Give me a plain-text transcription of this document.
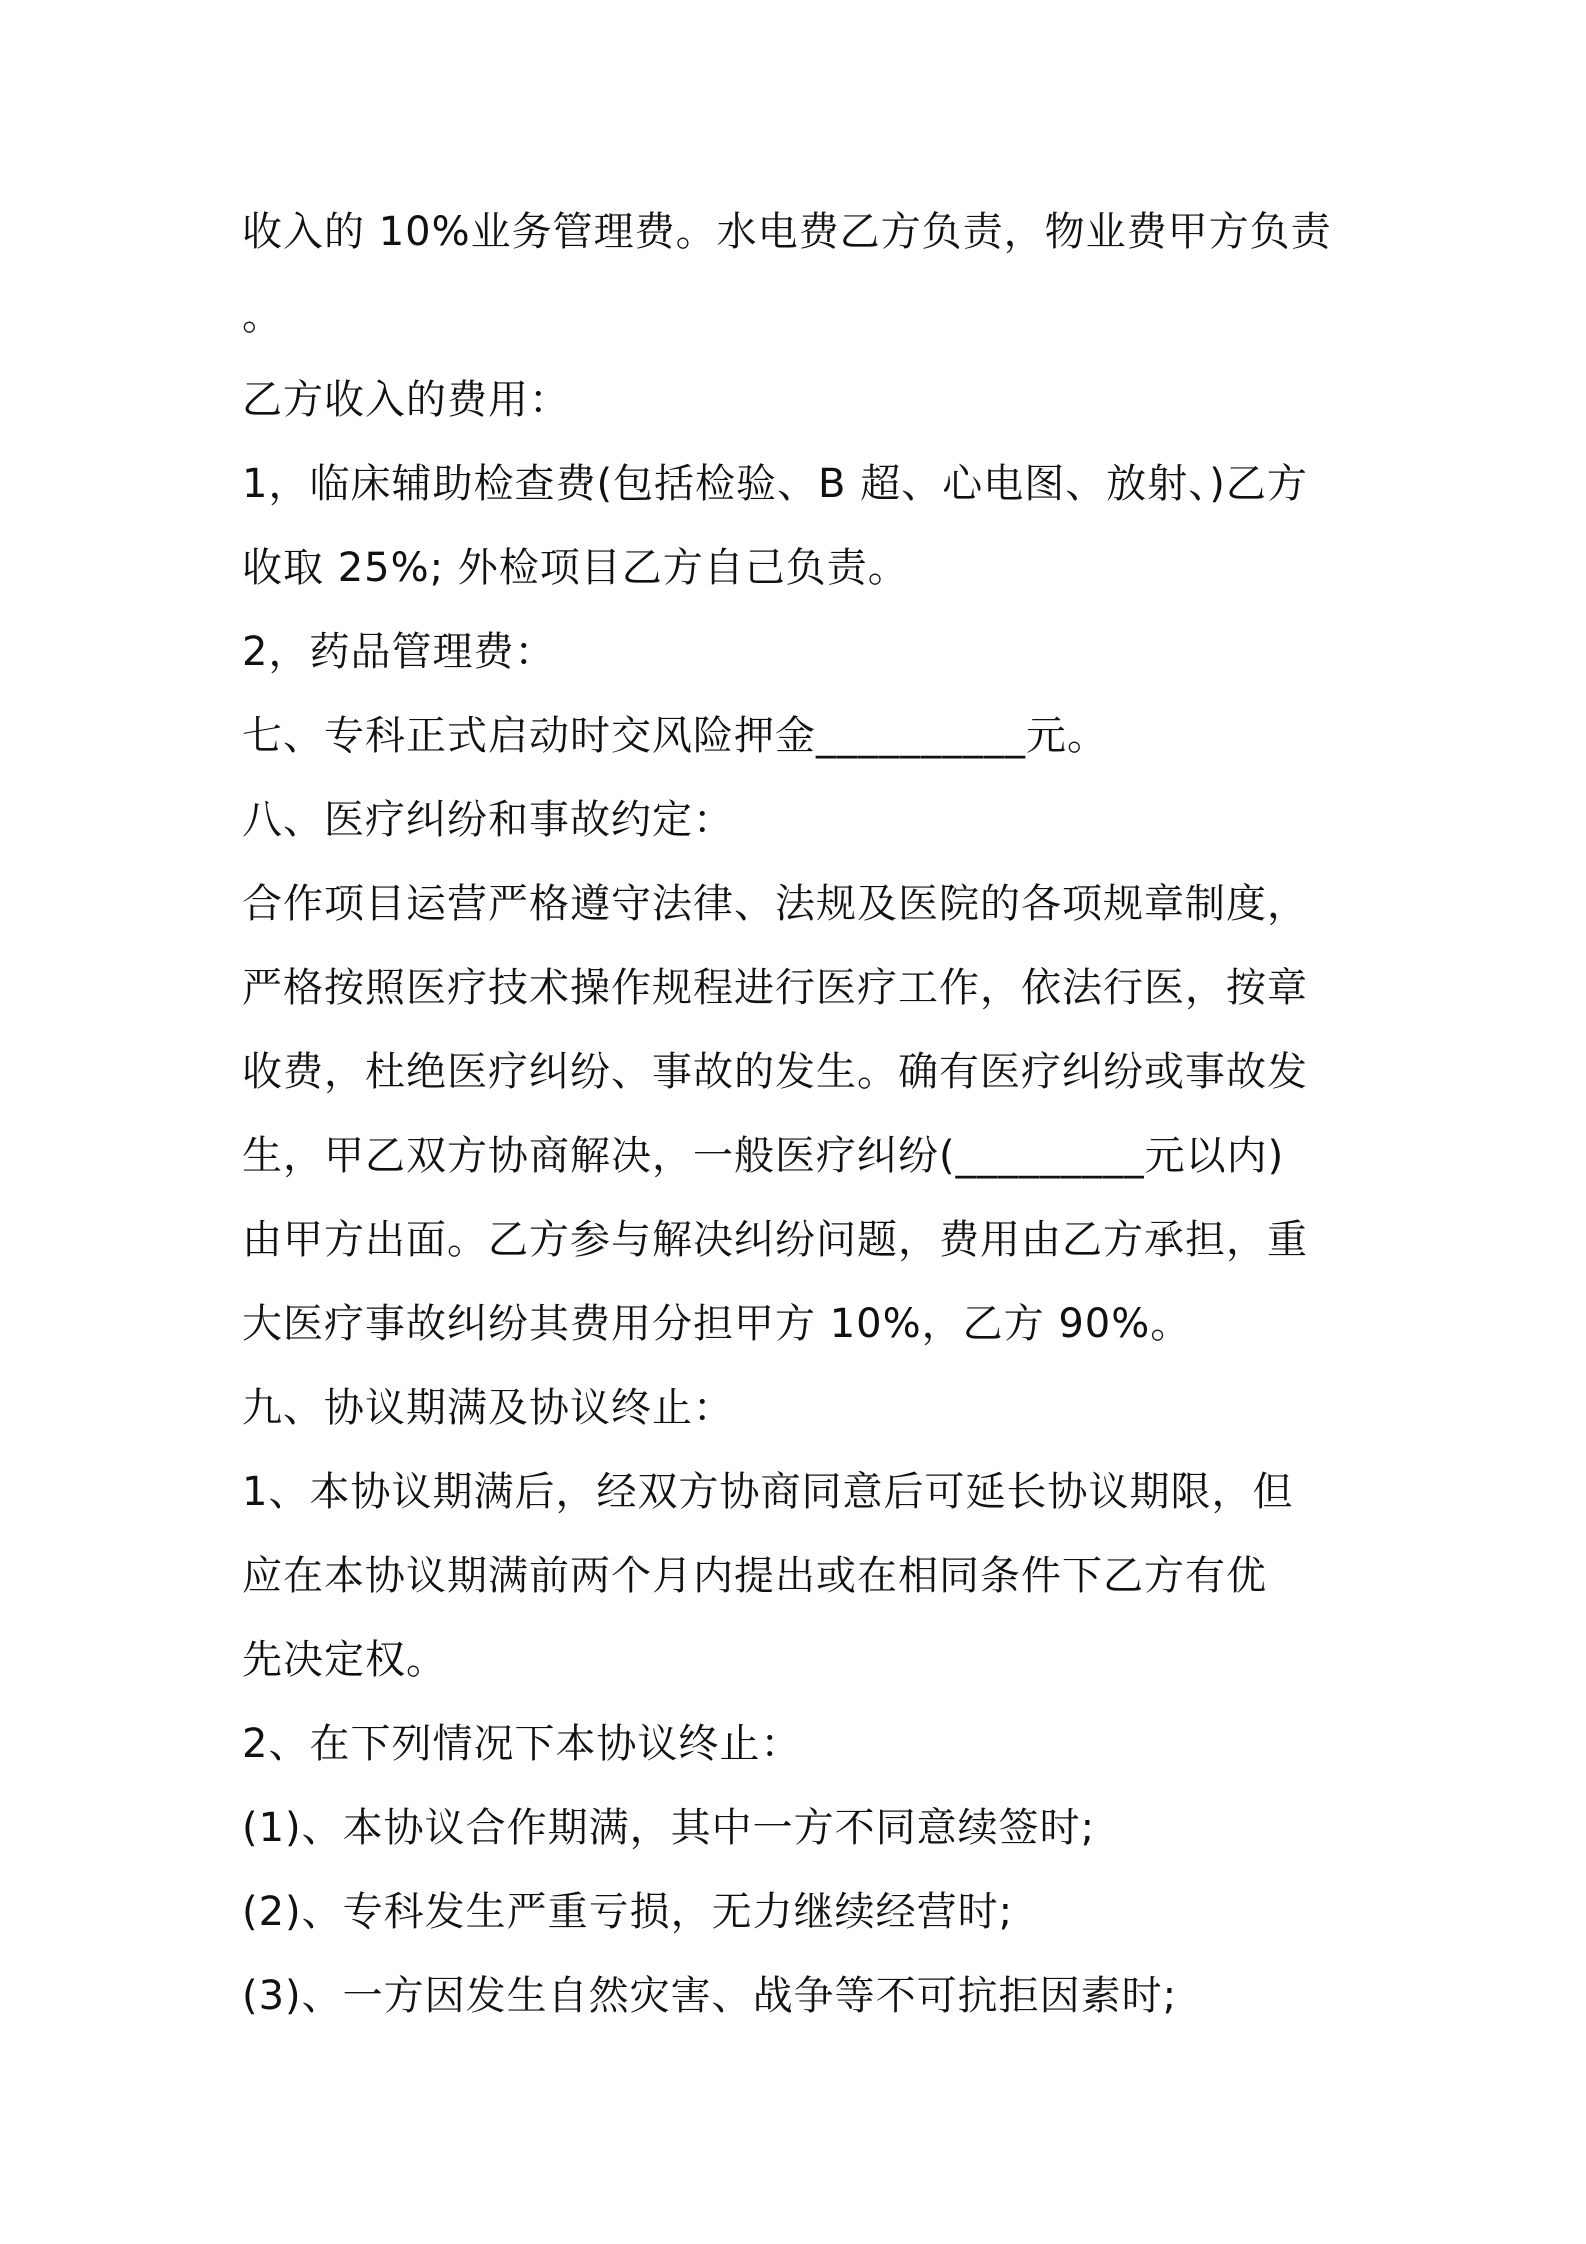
收入的 10%业务管理费。水电费乙方负责，物业费甲方负责
。
乙方收入的费用：
1，临床辅助检查费(包括检验、B 超、心电图、放射、)乙方
收取 25%; 外检项目乙方自己负责。
2，药品管理费：
七、专科正式启动时交风险押金__________元。
八、医疗纠纷和事故约定：
合作项目运营严格遵守法律、法规及医院的各项规章制度，
严格按照医疗技术操作规程进行医疗工作，依法行医，按章
收费，杜绝医疗纠纷、事故的发生。确有医疗纠纷或事故发
生，甲乙双方协商解决，一般医疗纠纷(_________元以内)
由甲方出面。乙方参与解决纠纷问题，费用由乙方承担，重
大医疗事故纠纷其费用分担甲方 10%，乙方 90%。
九、协议期满及协议终止：
1、本协议期满后，经双方协商同意后可延长协议期限，但
应在本协议期满前两个月内提出或在相同条件下乙方有优
先决定权。
2、在下列情况下本协议终止：
(1)、本协议合作期满，其中一方不同意续签时;
(2)、专科发生严重亏损，无力继续经营时;
(3)、一方因发生自然灾害、战争等不可抗拒因素时;
